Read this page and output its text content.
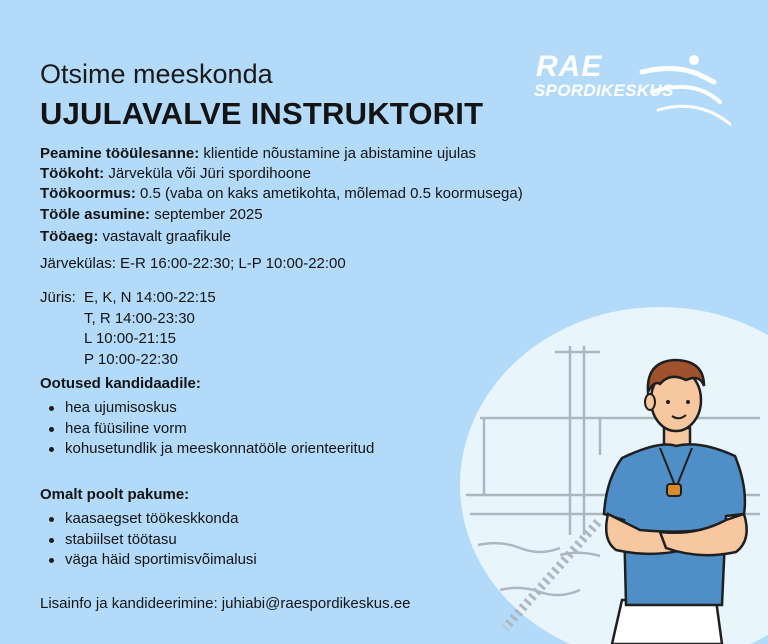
RAE
SPORDIKESKUS
Otsime meeskonda
UJULAVALVE INSTRUKTORIT
Peamine tööülesanne: klientide nõustamine ja abistamine ujulas
Töökoht: Järveküla või Jüri spordihoone
Töökoormus: 0.5 (vaba on kaks ametikohta, mõlemad 0.5 koormusega)
Tööle asumine: september 2025
Tööaeg: vastavalt graafikule
Järvekülas: E-R 16:00-22:30; L-P 10:00-22:00
Jüris: E, K, N 14:00-22:15
T, R 14:00-23:30
L 10:00-21:15
P 10:00-22:30
Ootused kandidaadile:
hea ujumisoskus
hea füüsiline vorm
kohusetundlik ja meeskonnatööle orienteeritud
Omalt poolt pakume:
kaasaegset töökeskkonda
stabiilset töötasu
väga häid sportimisvõimalusi
Lisainfo ja kandideerimine: juhiabi@raespordikeskus.ee
